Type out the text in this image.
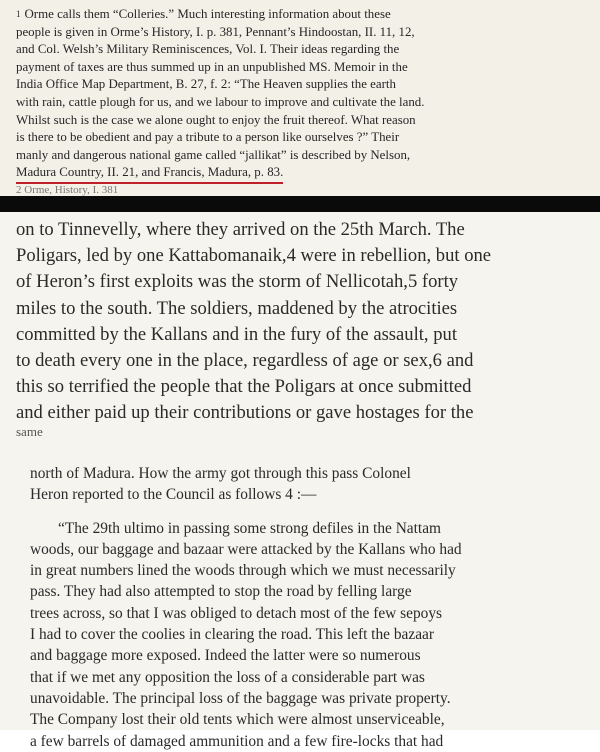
$^1$ Orme calls them “Colleries.” Much interesting information about these
people is given in Orme’s History, I. p. 381, Pennant’s Hindoostan, II. 11, 12,
and Col. Welsh’s Military Reminiscences, Vol. I. Their ideas regarding the
payment of taxes are thus summed up in an unpublished MS. Memoir in the
India Office Map Department, B. 27, f. 2: “The Heaven supplies the earth
with rain, cattle plough for us, and we labour to improve and cultivate the land.
Whilst such is the case we alone ought to enjoy the fruit thereof. What reason
is there to be obedient and pay a tribute to a person like ourselves ?” Their
manly and dangerous national game called “jallikat” is described by Nelson,
Madura Country, II. 21, and Francis, Madura, p. 83.
2 Orme, History, I. 381
on to Tinnevelly, where they arrived on the 25th March. The
Poligars, led by one Kattabomanaik,4 were in rebellion, but one
of Heron’s first exploits was the storm of Nellicotah,5 forty
miles to the south. The soldiers, maddened by the atrocities
committed by the Kallans and in the fury of the assault, put
to death every one in the place, regardless of age or sex,6 and
this so terrified the people that the Poligars at once submitted
and either paid up their contributions or gave hostages for the
same
north of Madura. How the army got through this pass Colonel
Heron reported to the Council as follows 4 :—
“The 29th ultimo in passing some strong defiles in the Nattam
woods, our baggage and bazaar were attacked by the Kallans who had
in great numbers lined the woods through which we must necessarily
pass. They had also attempted to stop the road by felling large
trees across, so that I was obliged to detach most of the few sepoys
I had to cover the coolies in clearing the road. This left the bazaar
and baggage more exposed. Indeed the latter were so numerous
that if we met any opposition the loss of a considerable part was
unavoidable. The principal loss of the baggage was private property.
The Company lost their old tents which were almost unserviceable,
a few barrels of damaged ammunition and a few fire-locks that had
